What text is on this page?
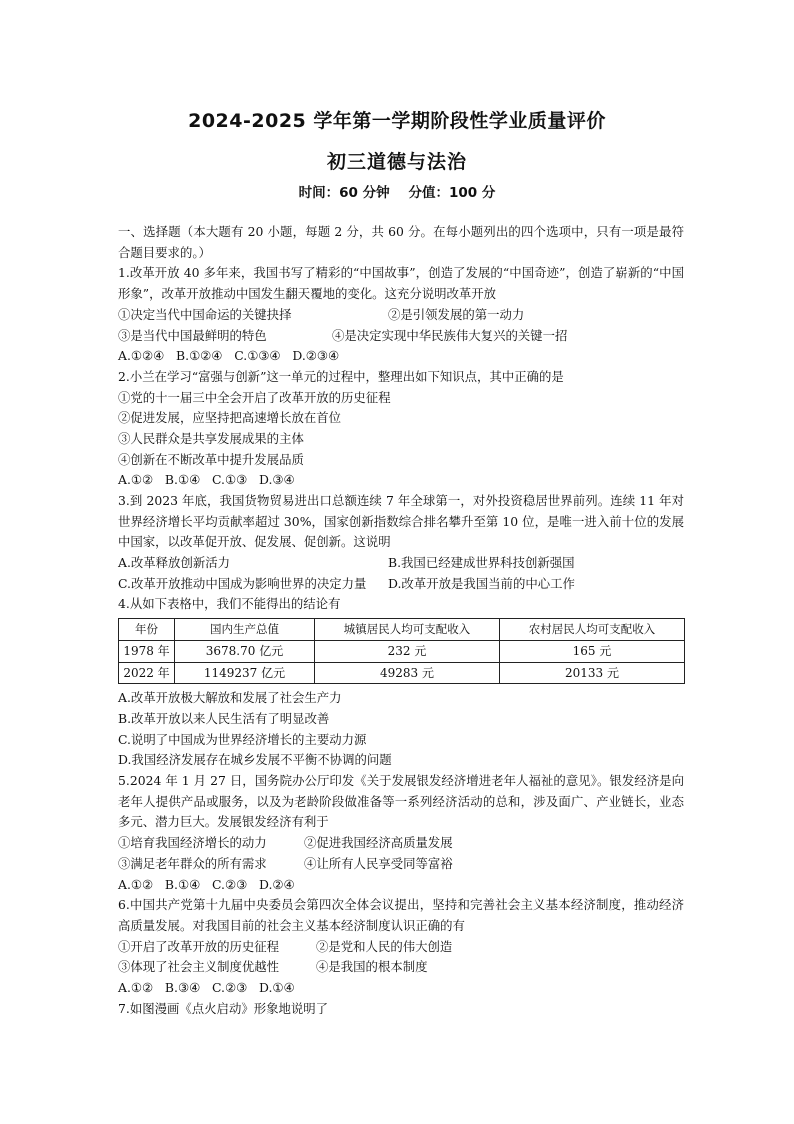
2024-2025 学年第一学期阶段性学业质量评价
初三道德与法治
时间：60 分钟    分值：100 分
一、选择题（本大题有 20 小题，每题 2 分，共 60 分。在每小题列出的四个选项中，只有一项是最符合题目要求的。）
1.改革开放 40 多年来，我国书写了精彩的“中国故事”，创造了发展的“中国奇迹”，创造了崭新的“中国形象”，改革开放推动中国发生翻天覆地的变化。这充分说明改革开放
①决定当代中国命运的关键抉择	②是引领发展的第一动力
③是当代中国最鲜明的特色	④是决定实现中华民族伟大复兴的关键一招
A.①②④   B.①②④   C.①③④   D.②③④
2.小兰在学习“富强与创新”这一单元的过程中，整理出如下知识点，其中正确的是
①党的十一届三中全会开启了改革开放的历史征程
②促进发展，应坚持把高速增长放在首位
③人民群众是共享发展成果的主体
④创新在不断改革中提升发展品质
A.①②   B.①④   C.①③   D.③④
3.到 2023 年底，我国货物贸易进出口总额连续 7 年全球第一，对外投资稳居世界前列。连续 11 年对世界经济增长平均贡献率超过 30%，国家创新指数综合排名攀升至第 10 位，是唯一进入前十位的发展中国家，以改革促开放、促发展、促创新。这说明
A.改革释放创新活力	B.我国已经建成世界科技创新强国
C.改革开放推动中国成为影响世界的决定力量	D.改革开放是我国当前的中心工作
4.从如下表格中，我们不能得出的结论有
年份	国内生产总值	城镇居民人均可支配收入	农村居民人均可支配收入
1978 年	3678.70 亿元	232 元	165 元
2022 年	1149237 亿元	49283 元	20133 元
A.改革开放极大解放和发展了社会生产力
B.改革开放以来人民生活有了明显改善
C.说明了中国成为世界经济增长的主要动力源
D.我国经济发展存在城乡发展不平衡不协调的问题
5.2024 年 1 月 27 日，国务院办公厅印发《关于发展银发经济增进老年人福祉的意见》。银发经济是向老年人提供产品或服务，以及为老龄阶段做准备等一系列经济活动的总和，涉及面广、产业链长，业态多元、潜力巨大。发展银发经济有利于
①培育我国经济增长的动力	②促进我国经济高质量发展
③满足老年群众的所有需求	④让所有人民享受同等富裕
A.①②   B.①④   C.②③   D.②④
6.中国共产党第十九届中央委员会第四次全体会议提出，坚持和完善社会主义基本经济制度，推动经济高质量发展。对我国目前的社会主义基本经济制度认识正确的有
①开启了改革开放的历史征程	②是党和人民的伟大创造
③体现了社会主义制度优越性	④是我国的根本制度
A.①②   B.③④   C.②③   D.①④
7.如图漫画《点火启动》形象地说明了
